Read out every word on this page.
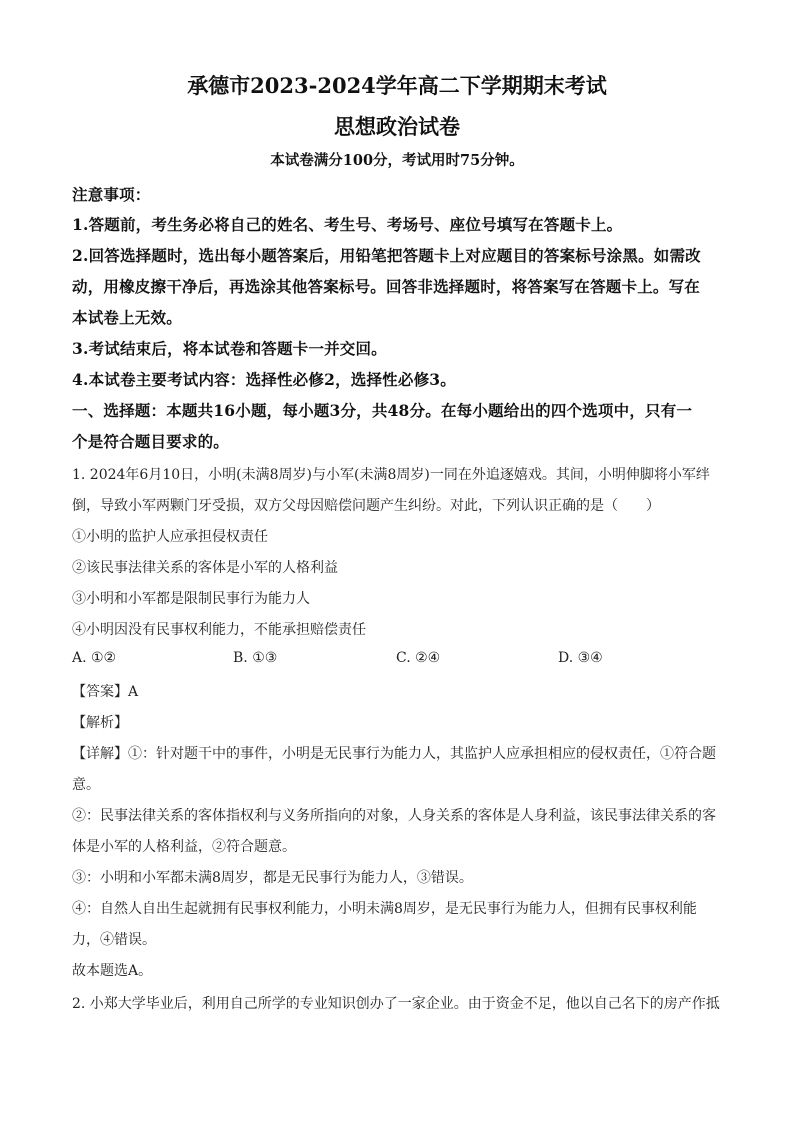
承德市2023-2024学年高二下学期期末考试
思想政治试卷
本试卷满分100分，考试用时75分钟。
注意事项：
1.答题前，考生务必将自己的姓名、考生号、考场号、座位号填写在答题卡上。
2.回答选择题时，选出每小题答案后，用铅笔把答题卡上对应题目的答案标号涂黑。如需改
动，用橡皮擦干净后，再选涂其他答案标号。回答非选择题时，将答案写在答题卡上。写在
本试卷上无效。
3.考试结束后，将本试卷和答题卡一并交回。
4.本试卷主要考试内容：选择性必修2，选择性必修3。
一、选择题：本题共16小题，每小题3分，共48分。在每小题给出的四个选项中，只有一
个是符合题目要求的。
1. 2024年6月10日，小明(未满8周岁)与小军(未满8周岁)一同在外追逐嬉戏。其间，小明伸脚将小军绊
倒，导致小军两颗门牙受损，双方父母因赔偿问题产生纠纷。对此，下列认识正确的是（　　）
①小明的监护人应承担侵权责任
②该民事法律关系的客体是小军的人格利益
③小明和小军都是限制民事行为能力人
④小明因没有民事权利能力，不能承担赔偿责任
A. ①②	B. ①③	C. ②④	D. ③④
【答案】A
【解析】
【详解】①：针对题干中的事件，小明是无民事行为能力人，其监护人应承担相应的侵权责任，①符合题
意。
②：民事法律关系的客体指权利与义务所指向的对象，人身关系的客体是人身利益，该民事法律关系的客
体是小军的人格利益，②符合题意。
③：小明和小军都未满8周岁，都是无民事行为能力人，③错误。
④：自然人自出生起就拥有民事权利能力，小明未满8周岁，是无民事行为能力人，但拥有民事权利能
力，④错误。
故本题选A。
2. 小郑大学毕业后，利用自己所学的专业知识创办了一家企业。由于资金不足，他以自己名下的房产作抵
